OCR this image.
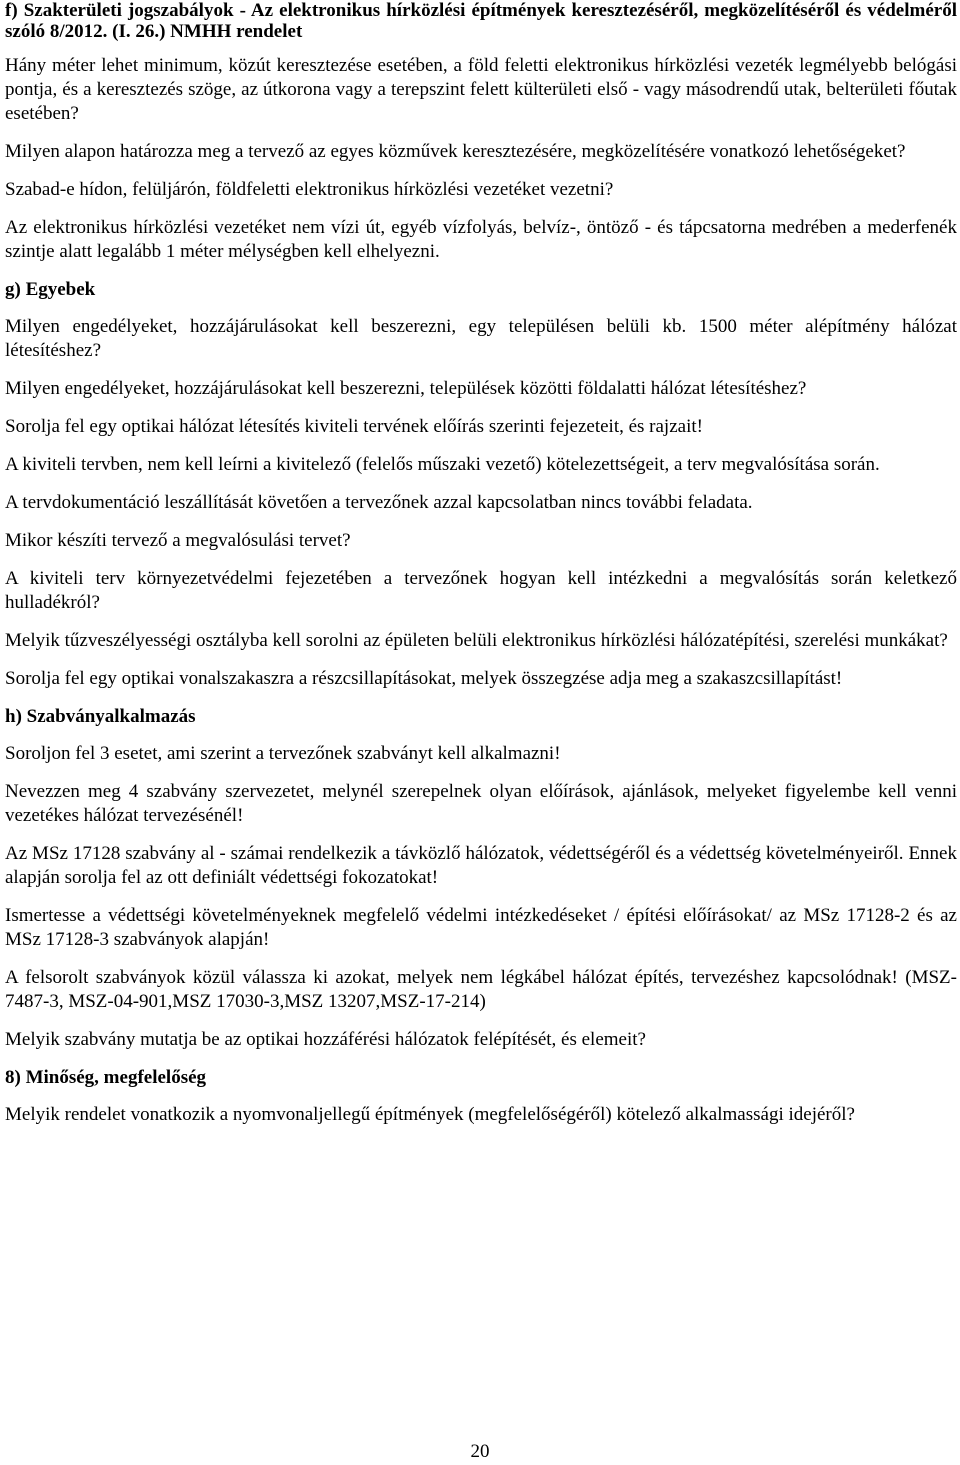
f) Szakterületi jogszabályok - Az elektronikus hírközlési építmények keresztezéséről, megközelítéséről és védelméről szóló 8/2012. (I. 26.) NMHH rendelet

Hány méter lehet minimum, közút keresztezése esetében, a föld feletti elektronikus hírközlési vezeték legmélyebb belógási pontja, és a keresztezés szöge, az útkorona vagy a terepszint felett külterületi első - vagy másodrendű utak, belterületi főutak esetében?

Milyen alapon határozza meg a tervező az egyes közművek keresztezésére, megközelítésére vonatkozó lehetőségeket?

Szabad-e hídon, felüljárón, földfeletti elektronikus hírközlési vezetéket vezetni?

Az elektronikus hírközlési vezetéket nem vízi út, egyéb vízfolyás, belvíz-, öntöző - és tápcsatorna medrében a mederfenék szintje alatt legalább 1 méter mélységben kell elhelyezni.

g) Egyebek

Milyen engedélyeket, hozzájárulásokat kell beszerezni, egy településen belüli kb. 1500 méter alépítmény hálózat létesítéshez?

Milyen engedélyeket, hozzájárulásokat kell beszerezni, települések közötti földalatti hálózat létesítéshez?

Sorolja fel egy optikai hálózat létesítés kiviteli tervének előírás szerinti fejezeteit, és rajzait!

A kiviteli tervben, nem kell leírni a kivitelező (felelős műszaki vezető) kötelezettségeit, a terv megvalósítása során.

A tervdokumentáció leszállítását követően a tervezőnek azzal kapcsolatban nincs további feladata.

Mikor készíti tervező a megvalósulási tervet?

A kiviteli terv környezetvédelmi fejezetében a tervezőnek hogyan kell intézkedni a megvalósítás során keletkező hulladékról?

Melyik tűzveszélyességi osztályba kell sorolni az épületen belüli elektronikus hírközlési hálózatépítési, szerelési munkákat?

Sorolja fel egy optikai vonalszakaszra a részcsillapításokat, melyek összegzése adja meg a szakaszcsillapítást!

h) Szabványalkalmazás

Soroljon fel 3 esetet, ami szerint a tervezőnek szabványt kell alkalmazni!

Nevezzen meg 4 szabvány szervezetet, melynél szerepelnek olyan előírások, ajánlások, melyeket figyelembe kell venni vezetékes hálózat tervezésénél!

Az MSz 17128 szabvány al - számai rendelkezik a távközlő hálózatok, védettségéről és a védettség követelményeiről. Ennek alapján sorolja fel az ott definiált védettségi fokozatokat!

Ismertesse a védettségi követelményeknek megfelelő védelmi intézkedéseket / építési előírásokat/ az MSz 17128-2 és az MSz 17128-3 szabványok alapján!

A felsorolt szabványok közül válassza ki azokat, melyek nem légkábel hálózat építés, tervezéshez kapcsolódnak! (MSZ-7487-3, MSZ-04-901,MSZ 17030-3,MSZ 13207,MSZ-17-214)

Melyik szabvány mutatja be az optikai hozzáférési hálózatok felépítését, és elemeit?

8) Minőség, megfelelőség

Melyik rendelet vonatkozik a nyomvonaljellegű építmények (megfelelőségéről) kötelező alkalmassági idejéről?

20
